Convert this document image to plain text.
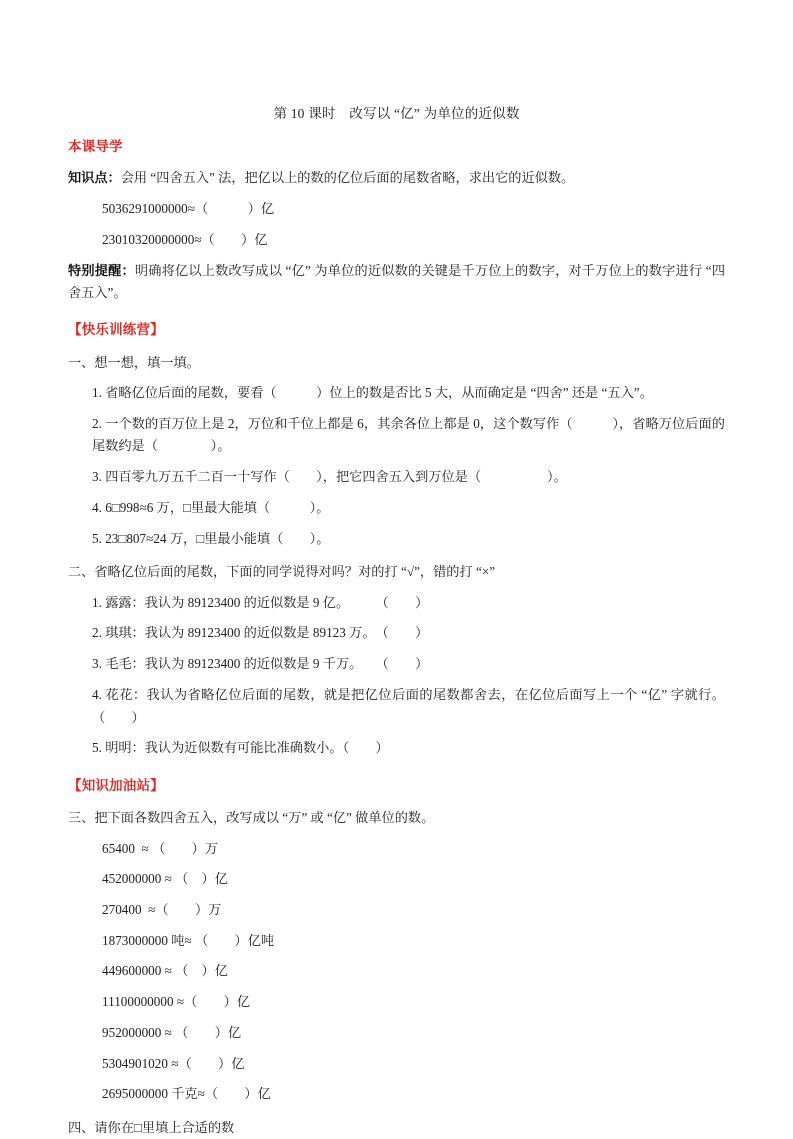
第 10 课时　改写以 “亿” 为单位的近似数
本课导学
知识点：会用 “四舍五入” 法，把亿以上的数的亿位后面的尾数省略，求出它的近似数。
5036291000000≈（　　　）亿
23010320000000≈（　　）亿
特别提醒：明确将亿以上数改写成以 “亿” 为单位的近似数的关键是千万位上的数字，对千万位上的数字进行 “四舍五入”。
【快乐训练营】
一、想一想，填一填。
1. 省略亿位后面的尾数，要看（　　　）位上的数是否比 5 大，从而确定是 “四舍” 还是 “五入”。
2. 一个数的百万位上是 2，万位和千位上都是 6，其余各位上都是 0，这个数写作（　　　），省略万位后面的尾数约是（　　　　）。
3. 四百零九万五千二百一十写作（　　），把它四舍五入到万位是（　　　　　）。
4. 6□998≈6 万，□里最大能填（　　　）。
5. 23□807≈24 万，□里最小能填（　　）。
二、省略亿位后面的尾数，下面的同学说得对吗？对的打 “√”，错的打 “×”
1. 露露：我认为 89123400 的近似数是 9 亿。　　　（　　）
2. 琪琪：我认为 89123400 的近似数是 89123 万。　（　　）
3. 毛毛：我认为 89123400 的近似数是 9 千万。　　（　　）
4. 花花：我认为省略亿位后面的尾数，就是把亿位后面的尾数都舍去，在亿位后面写上一个 “亿” 字就行。（　　）
5. 明明：我认为近似数有可能比准确数小。（　　）
【知识加油站】
三、把下面各数四舍五入，改写成以 “万” 或 “亿” 做单位的数。
65400  ≈ （　　）万
452000000 ≈ （　）亿
270400  ≈（　　）万
1873000000 吨≈ （　　）亿吨
449600000 ≈ （　）亿
11100000000 ≈（　　）亿
952000000 ≈ （　　）亿
5304901020 ≈（　　）亿
2695000000 千克≈（　　）亿
四、请你在□里填上合适的数
